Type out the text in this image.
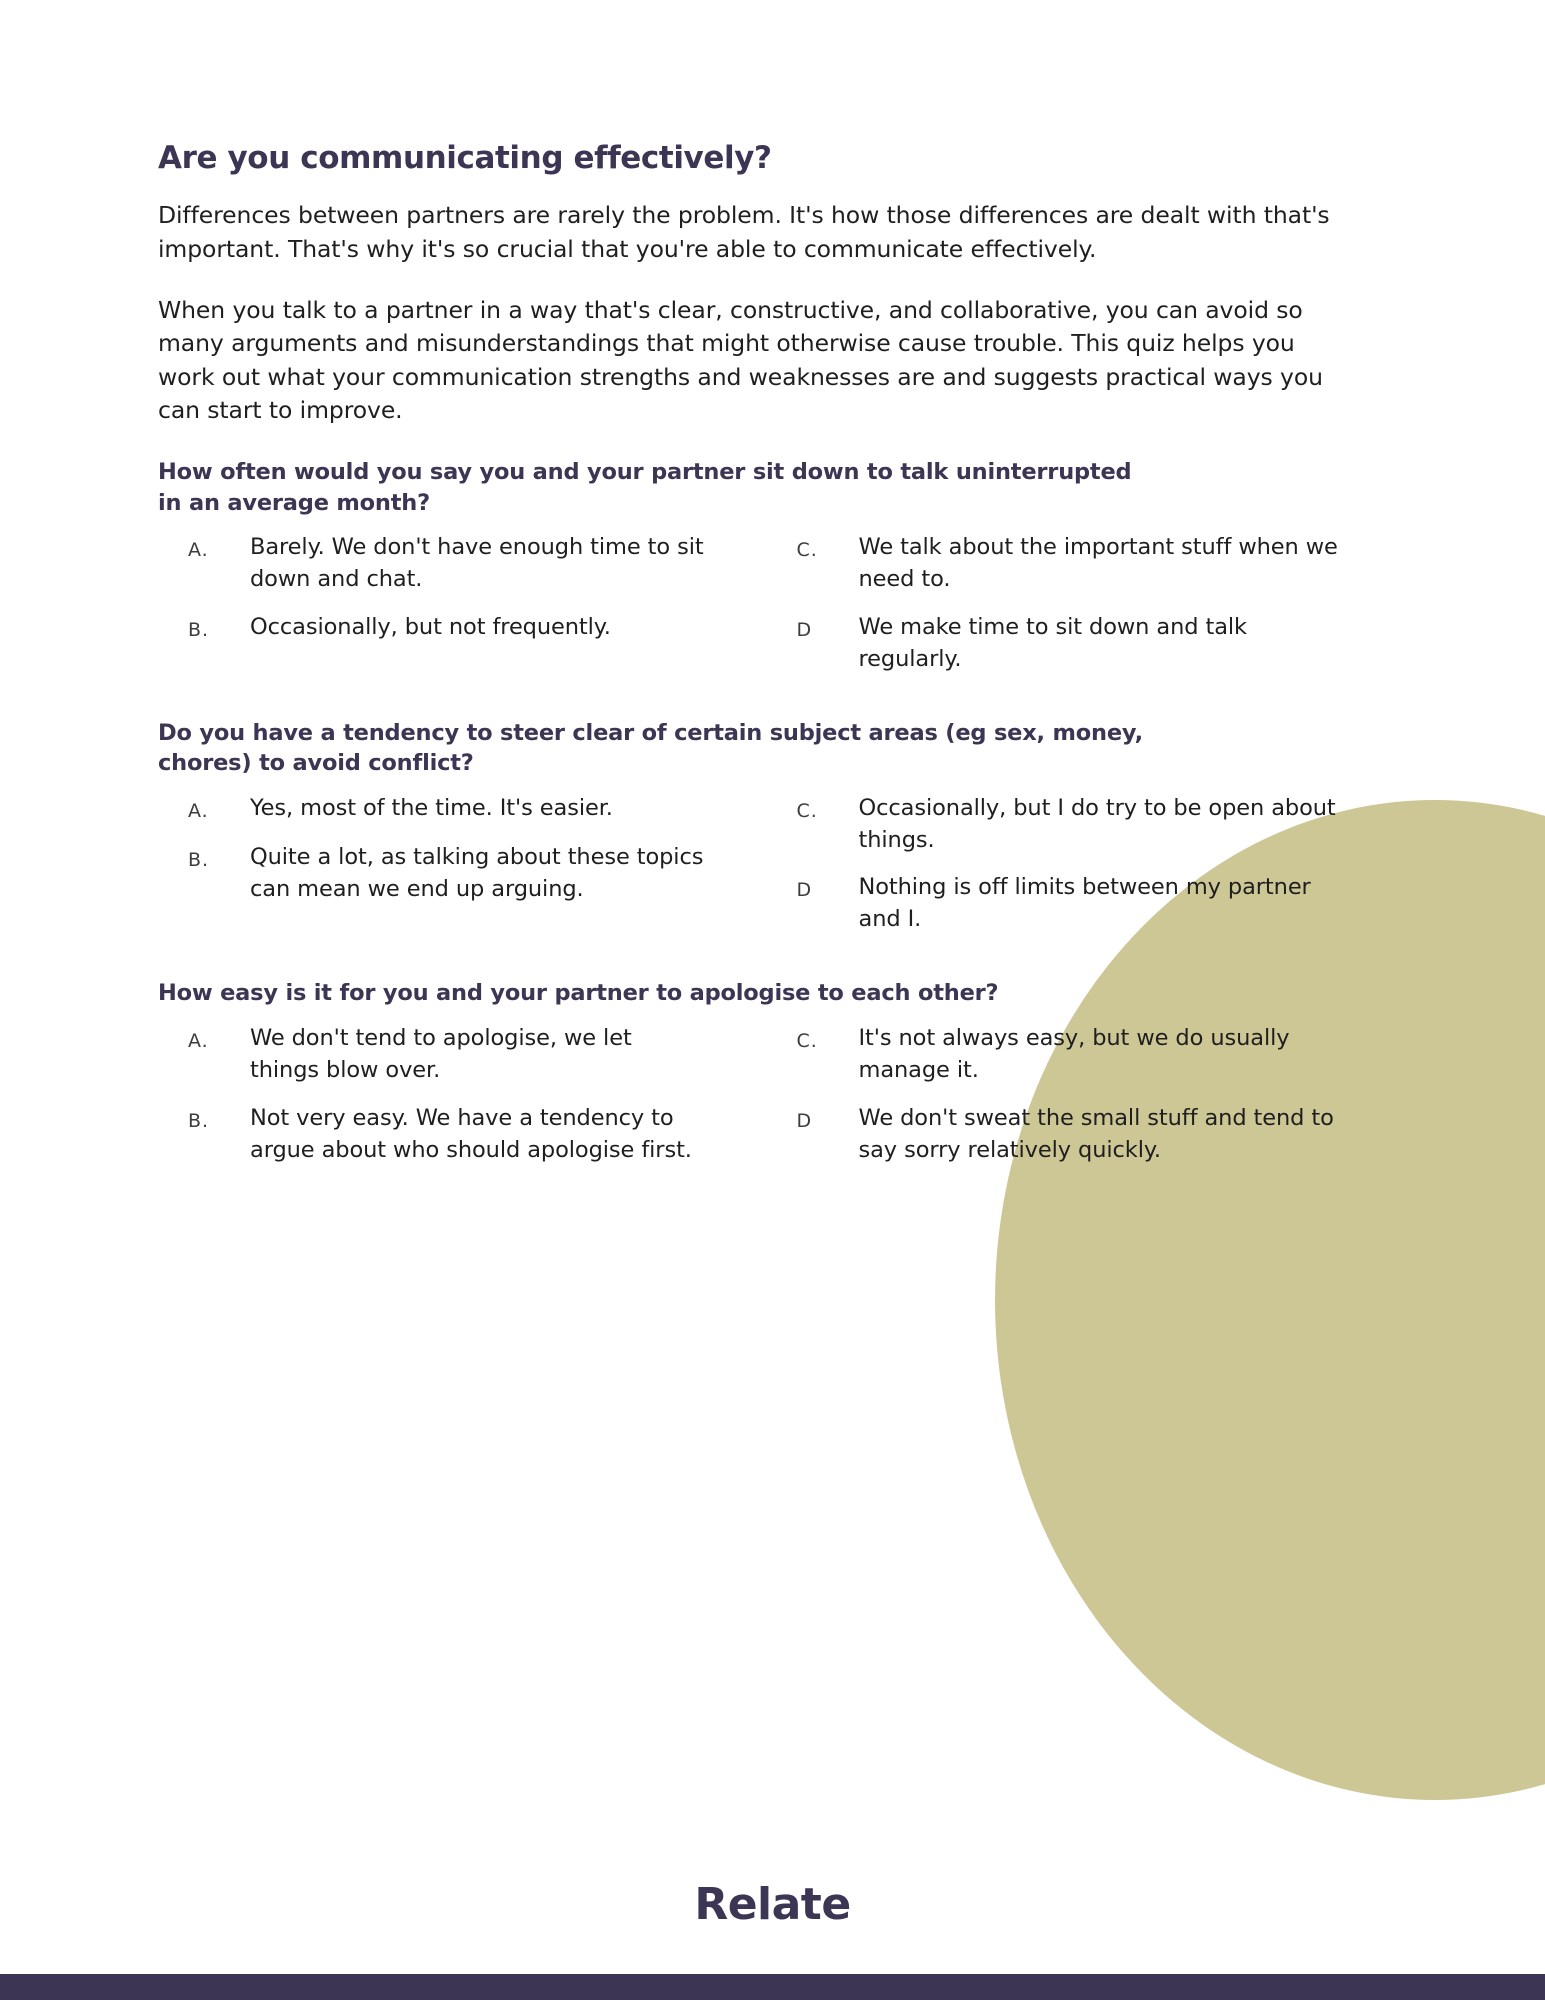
Are you communicating effectively?

Differences between partners are rarely the problem. It's how those differences are dealt with that's important. That's why it's so crucial that you're able to communicate effectively.

When you talk to a partner in a way that's clear, constructive, and collaborative, you can avoid so many arguments and misunderstandings that might otherwise cause trouble. This quiz helps you work out what your communication strengths and weaknesses are and suggests practical ways you can start to improve.

How often would you say you and your partner sit down to talk uninterrupted in an average month?
A.	Barely. We don't have enough time to sit down and chat.
B.	Occasionally, but not frequently.
C.	We talk about the important stuff when we need to.
D	We make time to sit down and talk regularly.
Do you have a tendency to steer clear of certain subject areas (eg sex, money, chores) to avoid conflict?
A.	Yes, most of the time. It's easier.
B.	Quite a lot, as talking about these topics can mean we end up arguing.
C.	Occasionally, but I do try to be open about things.
D	Nothing is off limits between my partner and I.
How easy is it for you and your partner to apologise to each other?
A.	We don't tend to apologise, we let things blow over.
B.	Not very easy. We have a tendency to argue about who should apologise first.
C.	It's not always easy, but we do usually manage it.
D	We don't sweat the small stuff and tend to say sorry relatively quickly.
Relate
